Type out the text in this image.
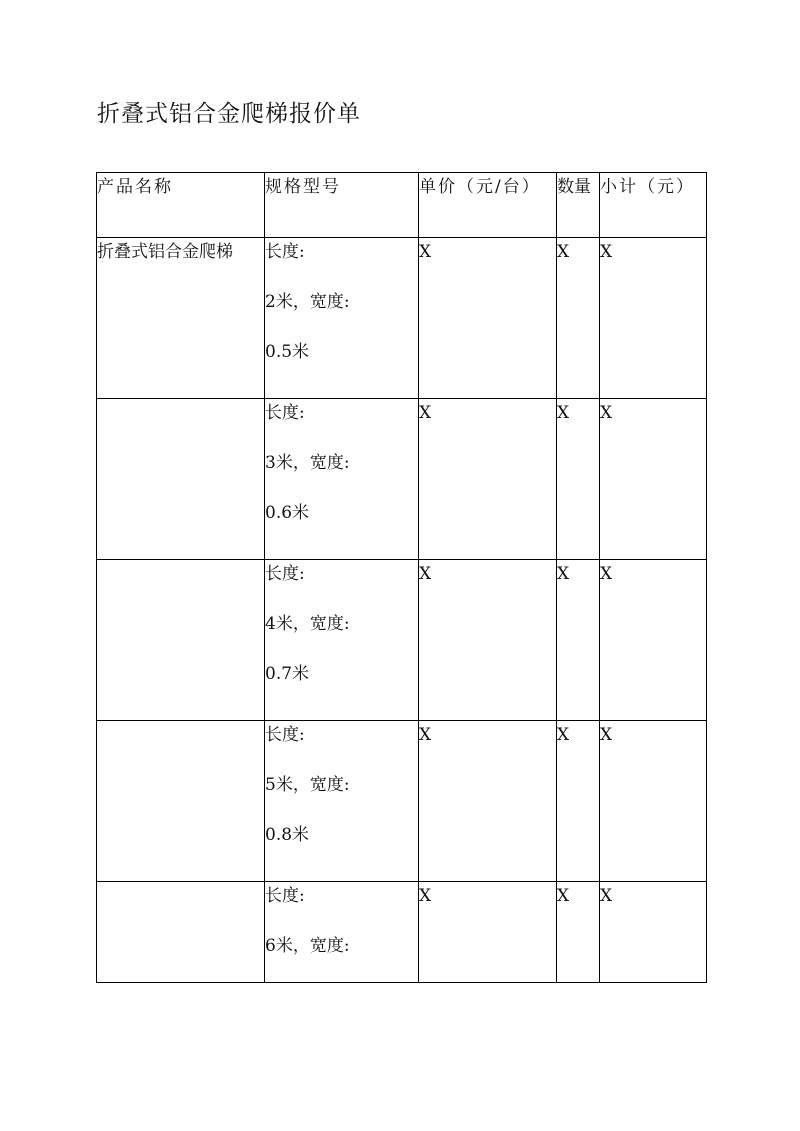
折叠式铝合金爬梯报价单
产品名称	规格型号	单价（元/台）	数量	小计（元）

折叠式铝合金爬梯	长度:
2米，宽度:
0.5米	X	X	X

	长度:
3米，宽度:
0.6米	X	X	X

	长度:
4米，宽度:
0.7米	X	X	X

	长度:
5米，宽度:
0.8米	X	X	X

	长度:
6米，宽度:	X	X	X
